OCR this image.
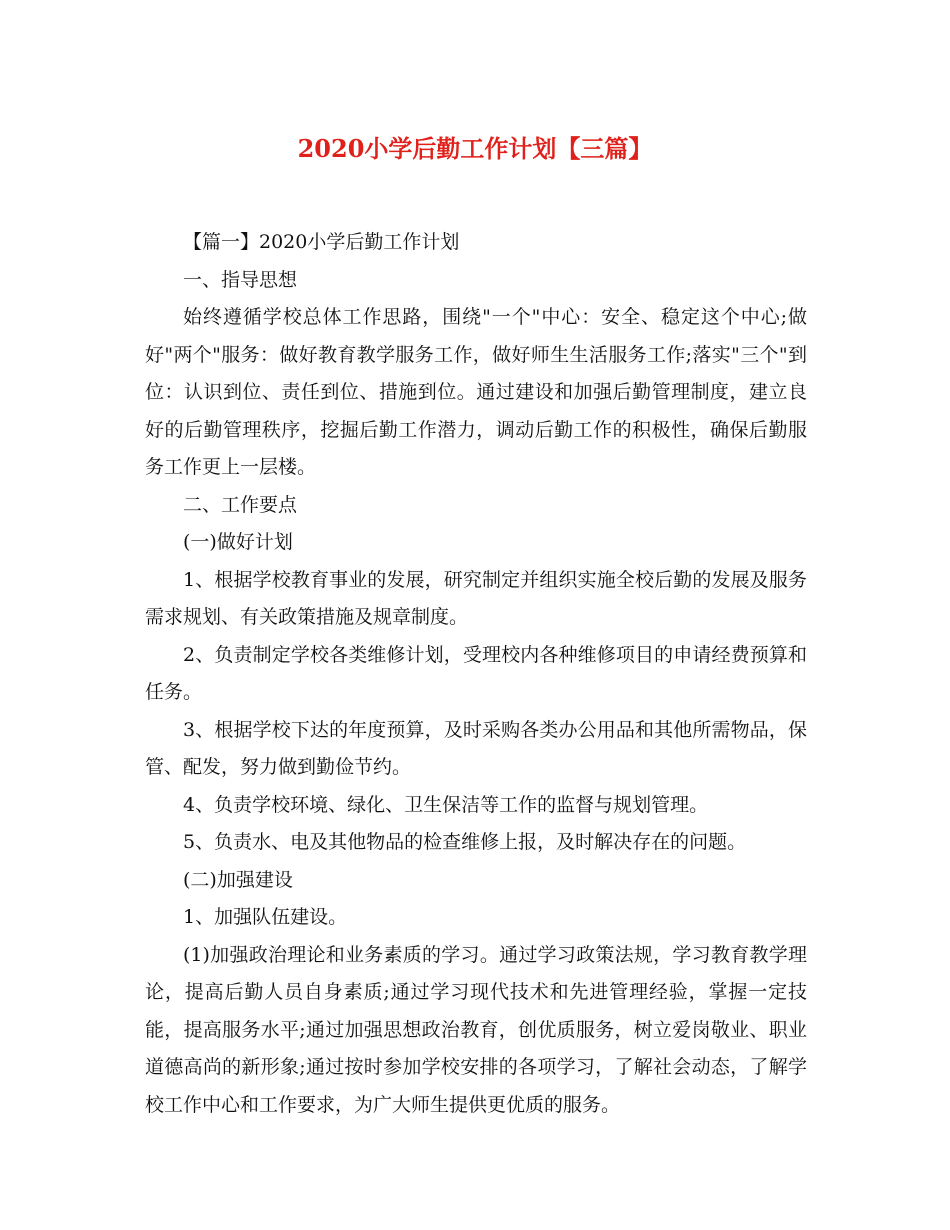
2020小学后勤工作计划【三篇】

【篇一】2020小学后勤工作计划

一、指导思想

始终遵循学校总体工作思路，围绕"一个"中心：安全、稳定这个中心;做好"两个"服务：做好教育教学服务工作，做好师生生活服务工作;落实"三个"到位：认识到位、责任到位、措施到位。通过建设和加强后勤管理制度，建立良好的后勤管理秩序，挖掘后勤工作潜力，调动后勤工作的积极性，确保后勤服务工作更上一层楼。

二、工作要点

(一)做好计划

1、根据学校教育事业的发展，研究制定并组织实施全校后勤的发展及服务需求规划、有关政策措施及规章制度。

2、负责制定学校各类维修计划，受理校内各种维修项目的申请经费预算和任务。

3、根据学校下达的年度预算，及时采购各类办公用品和其他所需物品，保管、配发，努力做到勤俭节约。

4、负责学校环境、绿化、卫生保洁等工作的监督与规划管理。

5、负责水、电及其他物品的检查维修上报，及时解决存在的问题。

(二)加强建设

1、加强队伍建设。

(1)加强政治理论和业务素质的学习。通过学习政策法规，学习教育教学理论，提高后勤人员自身素质;通过学习现代技术和先进管理经验，掌握一定技能，提高服务水平;通过加强思想政治教育，创优质服务，树立爱岗敬业、职业道德高尚的新形象;通过按时参加学校安排的各项学习，了解社会动态，了解学校工作中心和工作要求，为广大师生提供更优质的服务。
